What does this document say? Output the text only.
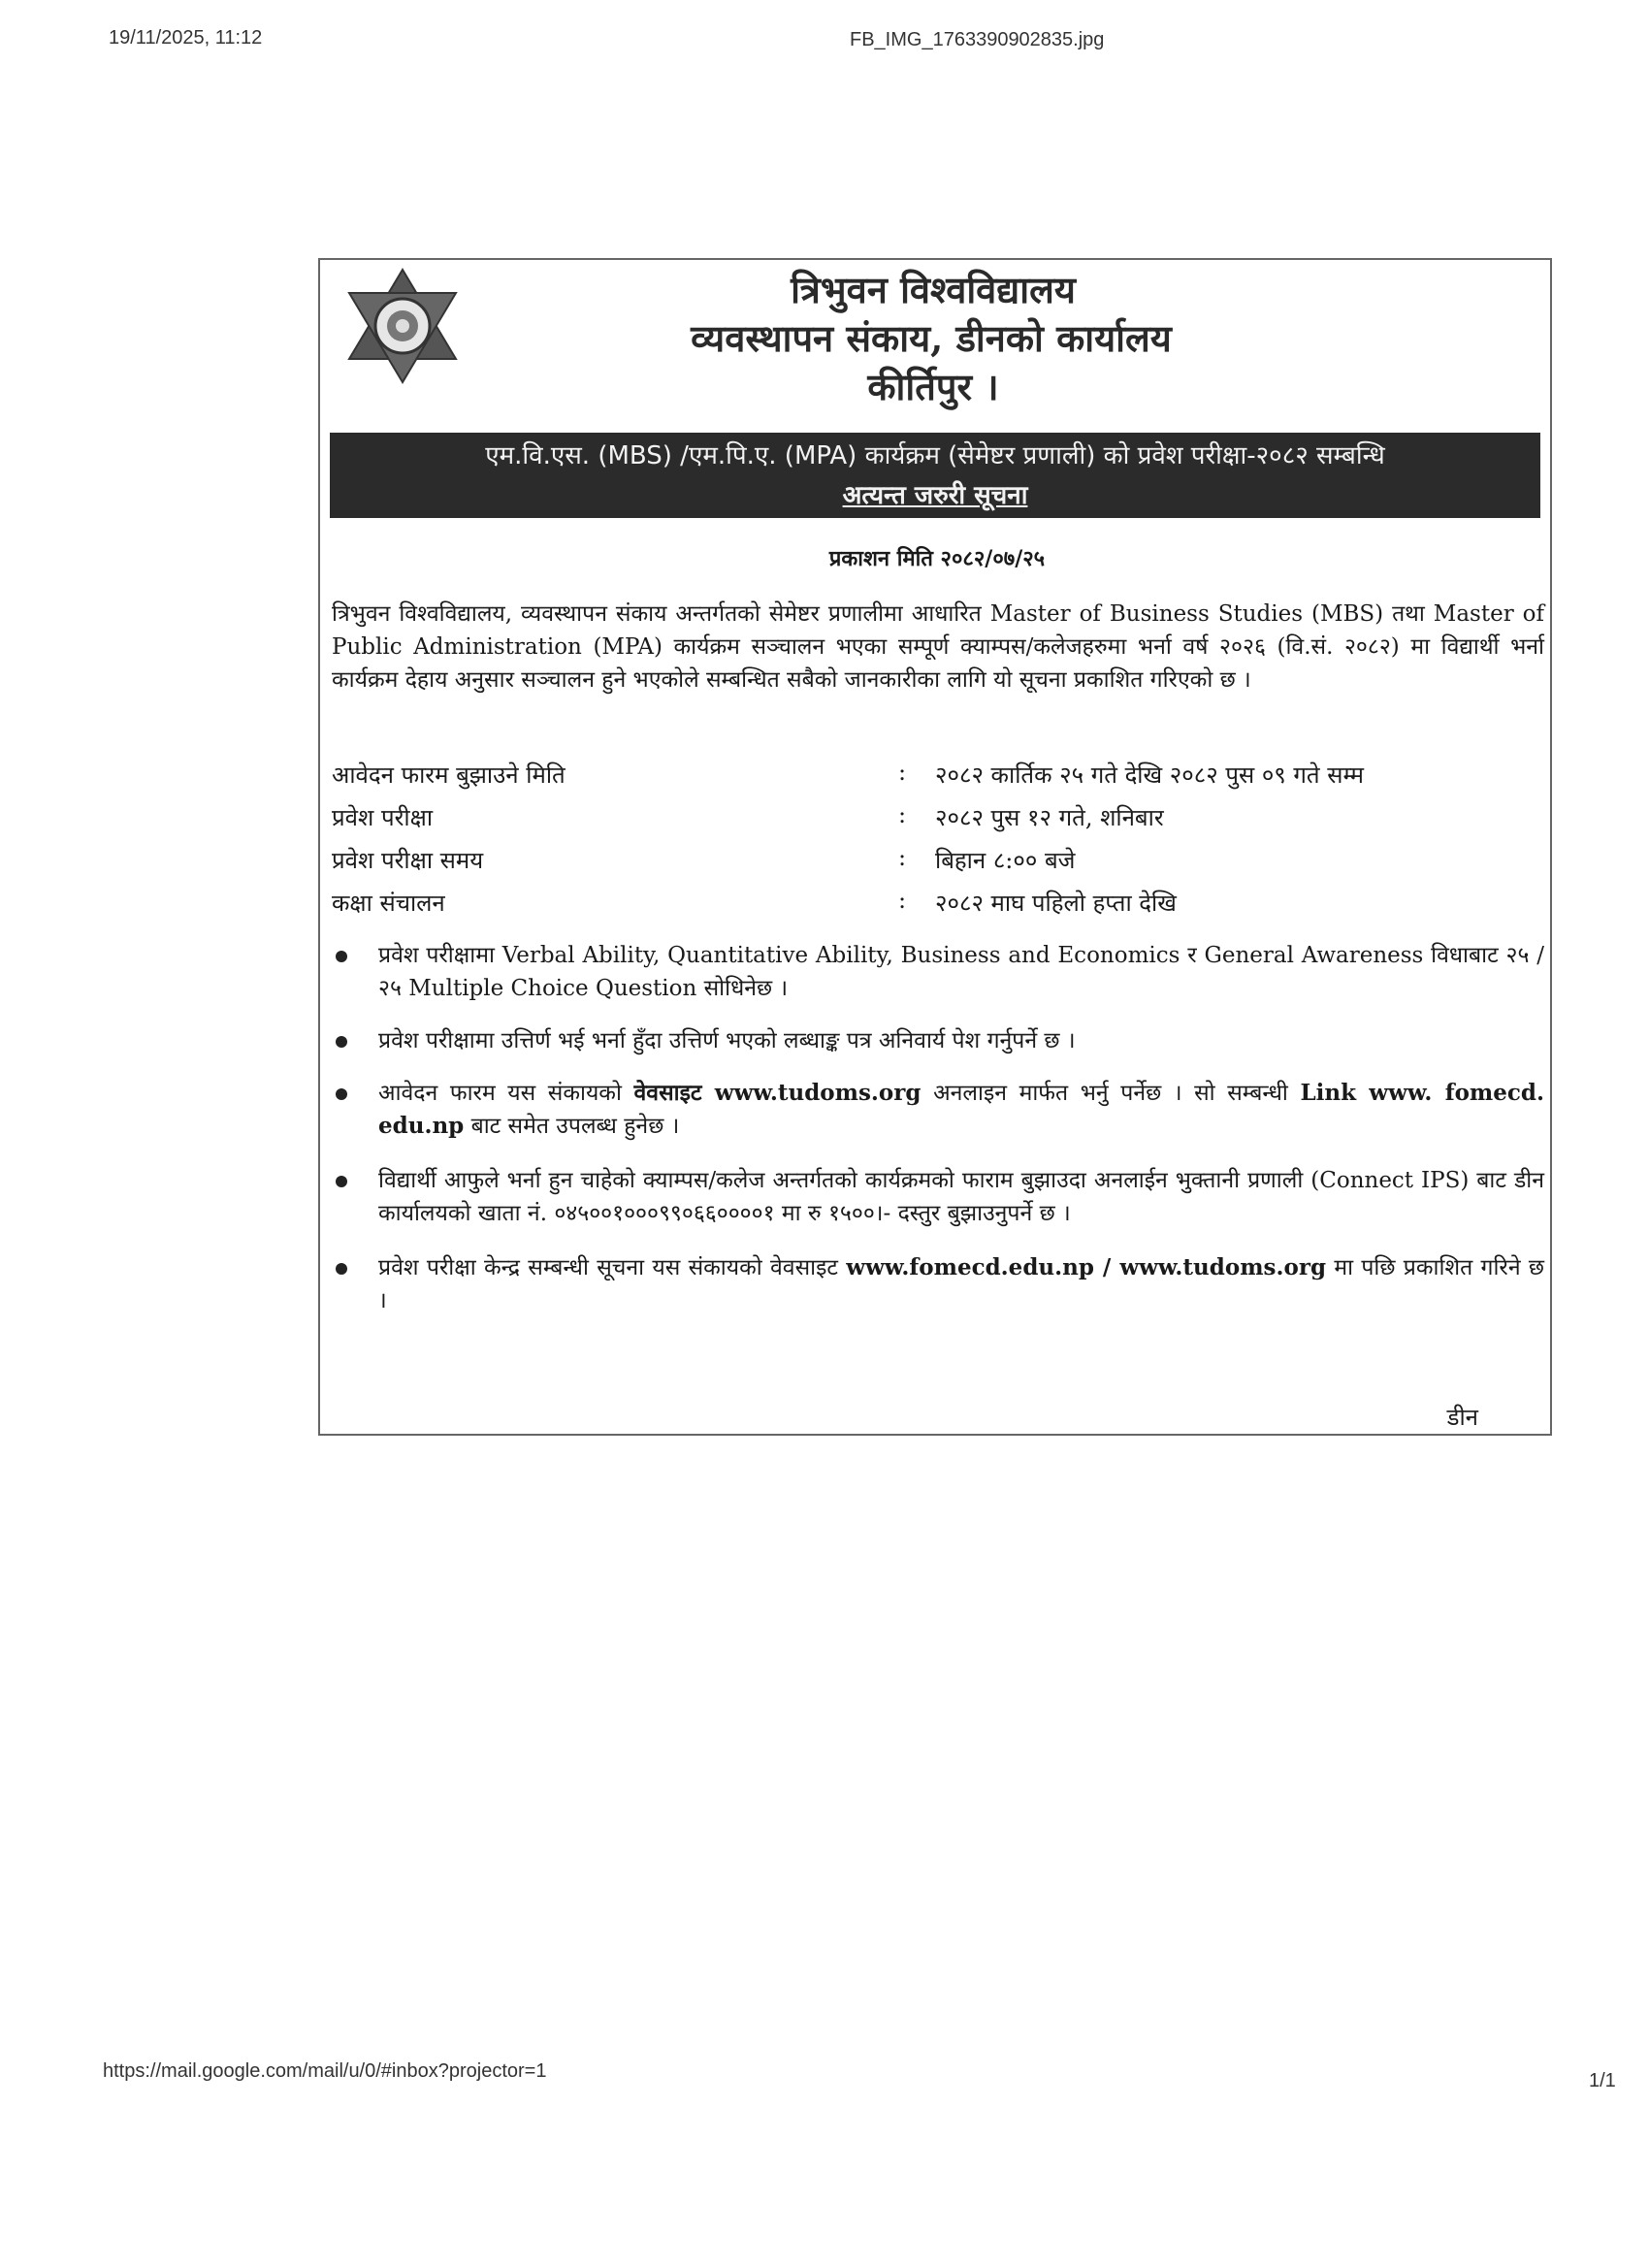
19/11/2025, 11:12	FB_IMG_1763390902835.jpg
त्रिभुवन विश्वविद्यालय
व्यवस्थापन संकाय, डीनको कार्यालय
कीर्तिपुर ।
एम.वि.एस. (MBS) /एम.पि.ए. (MPA) कार्यक्रम (सेमेष्टर प्रणाली) को प्रवेश परीक्षा-२०८२ सम्बन्धि
अत्यन्त जरुरी सूचना
प्रकाशन मिति २०८२/०७/२५
त्रिभुवन विश्वविद्यालय, व्यवस्थापन संकाय अन्तर्गतको सेमेष्टर प्रणालीमा आधारित Master of Business Studies (MBS) तथा Master of Public Administration (MPA) कार्यक्रम सञ्चालन भएका सम्पूर्ण क्याम्पस/कलेजहरुमा भर्ना वर्ष २०२६ (वि.सं. २०८२) मा विद्यार्थी भर्ना कार्यक्रम देहाय अनुसार सञ्चालन हुने भएकोले सम्बन्धित सबैको जानकारीका लागि यो सूचना प्रकाशित गरिएको छ ।
आवेदन फारम बुझाउने मिति	: २०८२ कार्तिक २५ गते देखि २०८२ पुस ०९ गते सम्म
प्रवेश परीक्षा	: २०८२ पुस १२ गते, शनिबार
प्रवेश परीक्षा समय	: बिहान ८:०० बजे
कक्षा संचालन	: २०८२ माघ पहिलो हप्ता देखि
प्रवेश परीक्षामा Verbal Ability, Quantitative Ability, Business and Economics र General Awareness विधाबाट २५ /२५ Multiple Choice Question सोधिनेछ ।
प्रवेश परीक्षामा उत्तिर्ण भई भर्ना हुँदा उत्तिर्ण भएको लब्धाङ्क पत्र अनिवार्य पेश गर्नुपर्ने छ ।
आवेदन फारम यस संकायको वेवसाइट www.tudoms.org अनलाइन मार्फत भर्नु पर्नेछ । सो सम्बन्धी Link www. fomecd. edu.np बाट समेत उपलब्ध हुनेछ ।
विद्यार्थी आफुले भर्ना हुन चाहेको क्याम्पस/कलेज अन्तर्गतको कार्यक्रमको फाराम बुझाउदा अनलाईन भुक्तानी प्रणाली (Connect IPS) बाट डीन कार्यालयको खाता नं. ०४५००१०००९९०६६००००१ मा रु १५००।- दस्तुर बुझाउनुपर्ने छ ।
प्रवेश परीक्षा केन्द्र सम्बन्धी सूचना यस संकायको वेवसाइट www.fomecd.edu.np / www.tudoms.org मा पछि प्रकाशित गरिने छ ।
डीन
https://mail.google.com/mail/u/0/#inbox?projector=1	1/1
